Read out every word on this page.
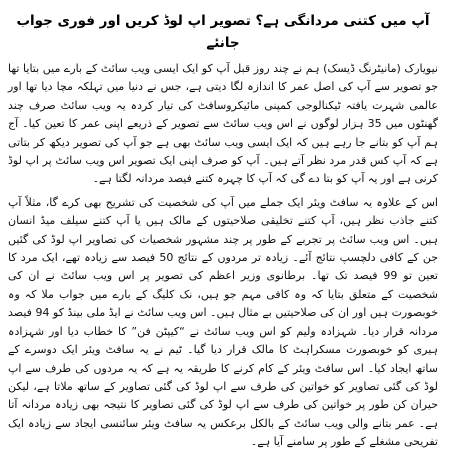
آپ میں کتنی مردانگی ہے؟ تصویر اپ لوڈ کریں اور فوری جواب جانئے

نیویارک (مانیٹرنگ ڈیسک) ہم نے چند روز قبل آپ کو ایک ایسی ویب سائٹ کے بارے میں بتایا تھا جو تصویر سے آپ کی اصل عمر کا اندازہ لگا دیتی ہے، جس نے دنیا میں تہلکہ مچا دیا تھا اور عالمی شہرت یافتہ ٹیکنالوجی کمپنی مائیکروسافٹ کی تیار کردہ یہ ویب سائٹ صرف چند گھنٹوں میں 35 ہزار لوگوں نے اس ویب سائٹ سے تصویر کے ذریعے اپنی عمر کا تعین کیا۔ آج ہم آپ کو بتانے جا رہے ہیں کہ ایک ایسی ویب سائٹ بھی ہے جو آپ کی تصویر دیکھ کر بتاتی ہے کہ آپ کس قدر مرد نظر آتے ہیں۔ آپ کو صرف اپنی ایک تصویر اس ویب سائٹ پر اپ لوڈ کرنی ہے اور یہ آپ کو بتا دے گی کہ آپ کا چہرہ کتنے فیصد مردانہ لگتا ہے۔

اس کے علاوہ یہ سافٹ ویئر ایک جملے میں آپ کی شخصیت کی تشریح بھی کرے گا، مثلاً آپ کتنے جاذب نظر ہیں، آپ کتنے تخلیقی صلاحیتوں کے مالک ہیں یا آپ کتنے سیلف میڈ انسان ہیں۔ اس ویب سائٹ پر تجربے کے طور پر چند مشہور شخصیات کی تصاویر اپ لوڈ کی گئیں جن کے کافی دلچسپ نتائج آئے۔ زیادہ تر مردوں کے نتائج 50 فیصد سے زیادہ تھے، ایک مرد کا تعین تو 99 فیصد تک تھا۔ برطانوی وزیر اعظم کی تصویر پر اس ویب سائٹ نے ان کی شخصیت کے متعلق بتایا کہ وہ کافی مہم جو ہیں، نک کلیگ کے بارے میں جواب ملا کہ وہ خوبصورت ہیں اور ان کی صلاحیتیں بے مثال ہیں۔ اس ویب سائٹ نے ایڈ ملی بینڈ کو 94 فیصد مردانہ قرار دیا۔ شہزادہ ولیم کو اس ویب سائٹ نے “کیپٹن فن” کا خطاب دیا اور شہزادہ ہیری کو خوبصورت مسکراہٹ کا مالک قرار دیا گیا۔ ٹیم نے یہ سافٹ ویئر ایک دوسرے کے ساتھ ایجاد کیا۔ اس سافٹ ویئر کے کام کرنے کا طریقہ یہ ہے کہ یہ مردوں کی طرف سے اپ لوڈ کی گئی تصاویر کو خواتین کی طرف سے اپ لوڈ کی گئی تصاویر کے ساتھ ملاتا ہے، لیکن حیران کن طور پر خواتین کی طرف سے اپ لوڈ کی گئی تصاویر کا نتیجہ بھی زیادہ مردانہ آتا ہے۔ عمر بتانے والی ویب سائٹ کے بالکل برعکس یہ سافٹ ویئر سائنسی ایجاد سے زیادہ ایک تفریحی مشغلے کے طور پر سامنے آیا ہے۔
